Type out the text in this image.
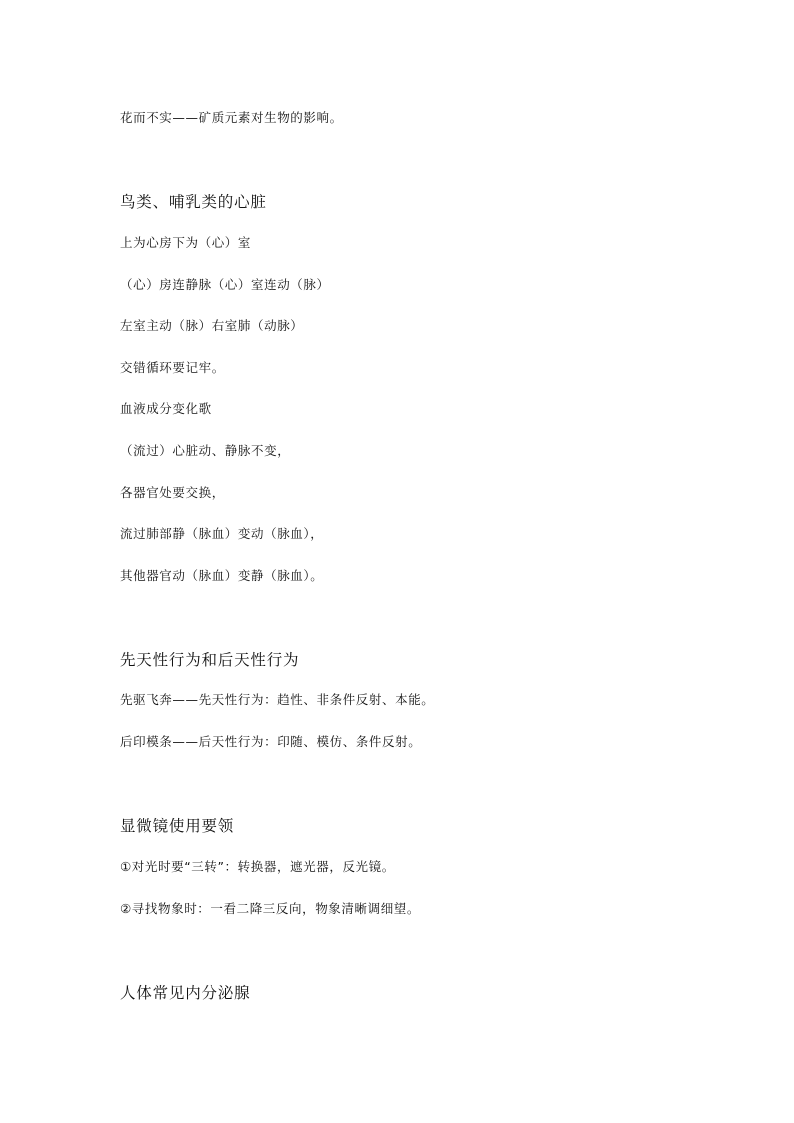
花而不实——矿质元素对生物的影响。
鸟类、哺乳类的心脏
上为心房下为（心）室
（心）房连静脉（心）室连动（脉）
左室主动（脉）右室肺（动脉）
交错循环要记牢。
血液成分变化歌
（流过）心脏动、静脉不变，
各器官处要交换，
流过肺部静（脉血）变动（脉血），
其他器官动（脉血）变静（脉血）。
先天性行为和后天性行为
先驱飞奔——先天性行为：趋性、非条件反射、本能。
后印模条——后天性行为：印随、模仿、条件反射。
显微镜使用要领
①对光时要“三转”：转换器，遮光器，反光镜。
②寻找物象时：一看二降三反向，物象清晰调细望。
人体常见内分泌腺
